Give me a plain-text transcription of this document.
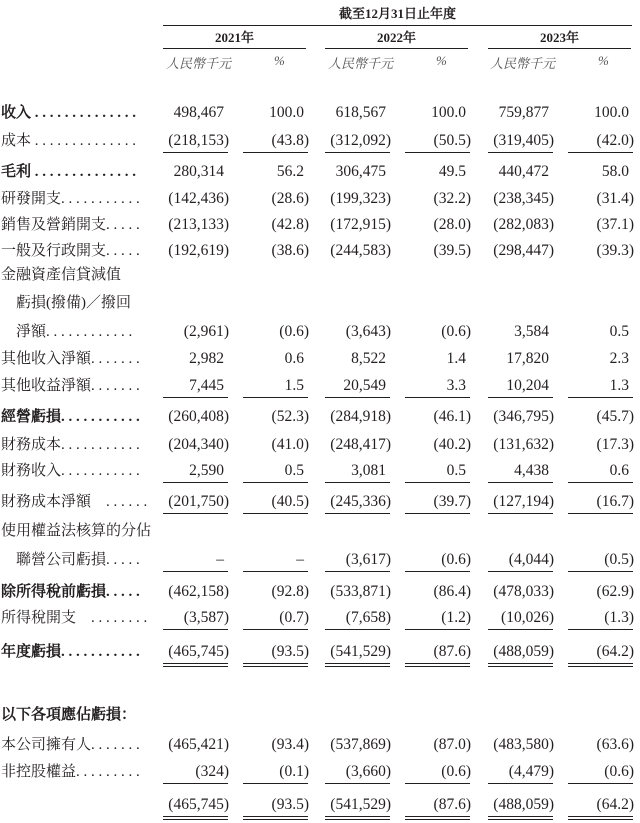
截至12月31日止年度
2021年	2022年	2023年
人民幣千元	%	人民幣千元	%	人民幣千元	%
收入 . . . . . . . . . . . . . .	498,467	100.0	618,567	100.0	759,877	100.0
成本 . . . . . . . . . . . . . .	(218,153)	(43.8)	(312,092)	(50.5)	(319,405)	(42.0)
毛利 . . . . . . . . . . . . . .	280,314	56.2	306,475	49.5	440,472	58.0
研發開支. . . . . . . . . . .	(142,436)	(28.6)	(199,323)	(32.2)	(238,345)	(31.4)
銷售及營銷開支. . . . .	(213,133)	(42.8)	(172,915)	(28.0)	(282,083)	(37.1)
一般及行政開支. . . . .	(192,619)	(38.6)	(244,583)	(39.5)	(298,447)	(39.3)
金融資產信貸減值
　虧損(撥備)／撥回
　淨額. . . . . . . . . . . .	(2,961)	(0.6)	(3,643)	(0.6)	3,584	0.5
其他收入淨額. . . . . . .	2,982	0.6	8,522	1.4	17,820	2.3
其他收益淨額. . . . . . .	7,445	1.5	20,549	3.3	10,204	1.3
經營虧損. . . . . . . . . . .	(260,408)	(52.3)	(284,918)	(46.1)	(346,795)	(45.7)
財務成本. . . . . . . . . . .	(204,340)	(41.0)	(248,417)	(40.2)	(131,632)	(17.3)
財務收入. . . . . . . . . . .	2,590	0.5	3,081	0.5	4,438	0.6
財務成本淨額　. . . . . .	(201,750)	(40.5)	(245,336)	(39.7)	(127,194)	(16.7)
使用權益法核算的分佔
　聯營公司虧損. . . . .	–	–	(3,617)	(0.6)	(4,044)	(0.5)
除所得稅前虧損. . . . .	(462,158)	(92.8)	(533,871)	(86.4)	(478,033)	(62.9)
所得稅開支　. . . . . . . .	(3,587)	(0.7)	(7,658)	(1.2)	(10,026)	(1.3)
年度虧損. . . . . . . . . . .	(465,745)	(93.5)	(541,529)	(87.6)	(488,059)	(64.2)
以下各項應佔虧損：
本公司擁有人. . . . . . .	(465,421)	(93.4)	(537,869)	(87.0)	(483,580)	(63.6)
非控股權益. . . . . . . . .	(324)	(0.1)	(3,660)	(0.6)	(4,479)	(0.6)
(465,745)	(93.5)	(541,529)	(87.6)	(488,059)	(64.2)
